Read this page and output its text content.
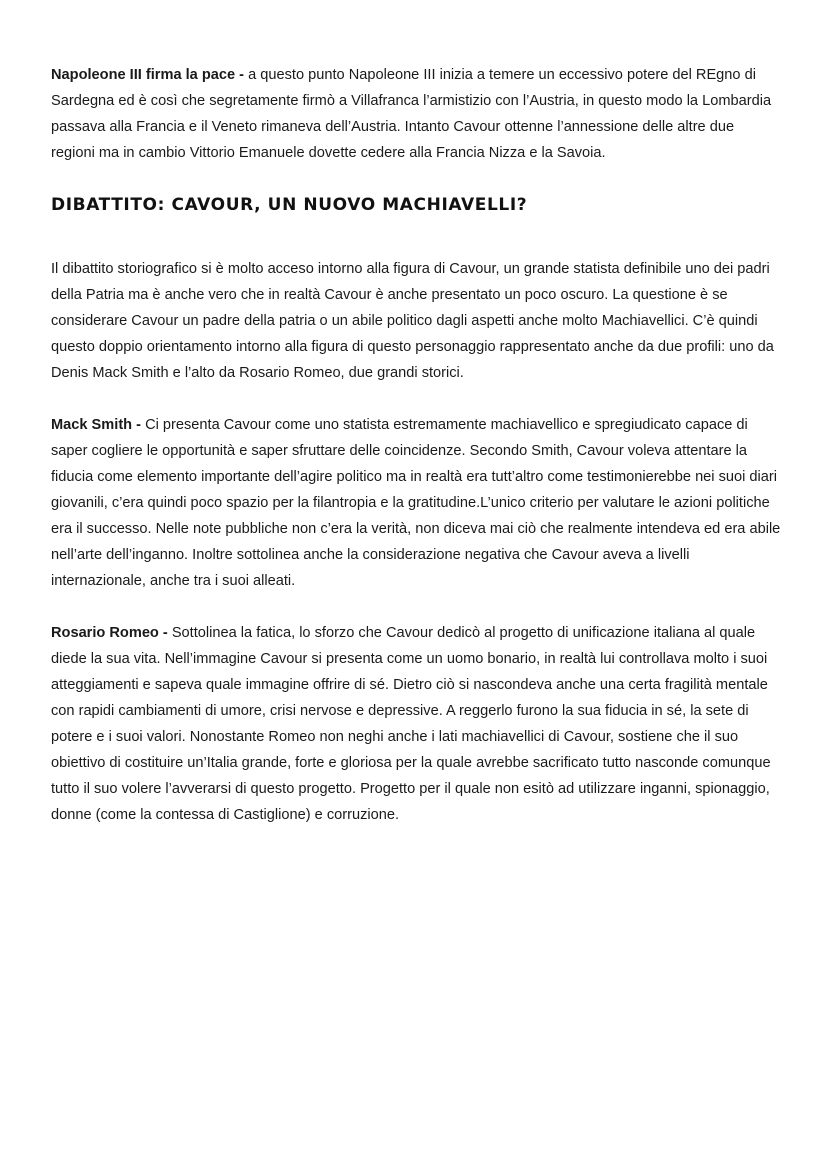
Napoleone III firma la pace - a questo punto Napoleone III inizia a temere un eccessivo potere del REgno di Sardegna ed è così che segretamente firmò a Villafranca l’armistizio con l’Austria, in questo modo la Lombardia passava alla Francia e il Veneto rimaneva dell’Austria. Intanto Cavour ottenne l’annessione delle altre due regioni ma in cambio Vittorio Emanuele dovette cedere alla Francia Nizza e la Savoia.

DIBATTITO: CAVOUR, UN NUOVO MACHIAVELLI?

Il dibattito storiografico si è molto acceso intorno alla figura di Cavour, un grande statista definibile uno dei padri della Patria ma è anche vero che in realtà Cavour è anche presentato un poco oscuro. La questione è se considerare Cavour un padre della patria o un abile politico dagli aspetti anche molto Machiavellici. C’è quindi questo doppio orientamento intorno alla figura di questo personaggio rappresentato anche da due profili: uno da Denis Mack Smith e l’alto da Rosario Romeo, due grandi storici.

Mack Smith - Ci presenta Cavour come uno statista estremamente machiavellico e spregiudicato capace di saper cogliere le opportunità e saper sfruttare delle coincidenze. Secondo Smith, Cavour voleva attentare la fiducia come elemento importante dell’agire politico ma in realtà era tutt’altro come testimonierebbe nei suoi diari giovanili, c’era quindi poco spazio per la filantropia e la gratitudine.L’unico criterio per valutare le azioni politiche era il successo. Nelle note pubbliche non c’era la verità, non diceva mai ciò che realmente intendeva ed era abile nell’arte dell’inganno. Inoltre sottolinea anche la considerazione negativa che Cavour aveva a livelli internazionale, anche tra i suoi alleati.

Rosario Romeo - Sottolinea la fatica, lo sforzo che Cavour dedicò al progetto di unificazione italiana al quale diede la sua vita. Nell’immagine Cavour si presenta come un uomo bonario, in realtà lui controllava molto i suoi atteggiamenti e sapeva quale immagine offrire di sé. Dietro ciò si nascondeva anche una certa fragilità mentale con rapidi cambiamenti di umore, crisi nervose e depressive. A reggerlo furono la sua fiducia in sé, la sete di potere e i suoi valori. Nonostante Romeo non neghi anche i lati machiavellici di Cavour, sostiene che il suo obiettivo di costituire un’Italia grande, forte e gloriosa per la quale avrebbe sacrificato tutto nasconde comunque tutto il suo volere l’avverarsi di questo progetto. Progetto per il quale non esitò ad utilizzare inganni, spionaggio, donne (come la contessa di Castiglione) e corruzione.
